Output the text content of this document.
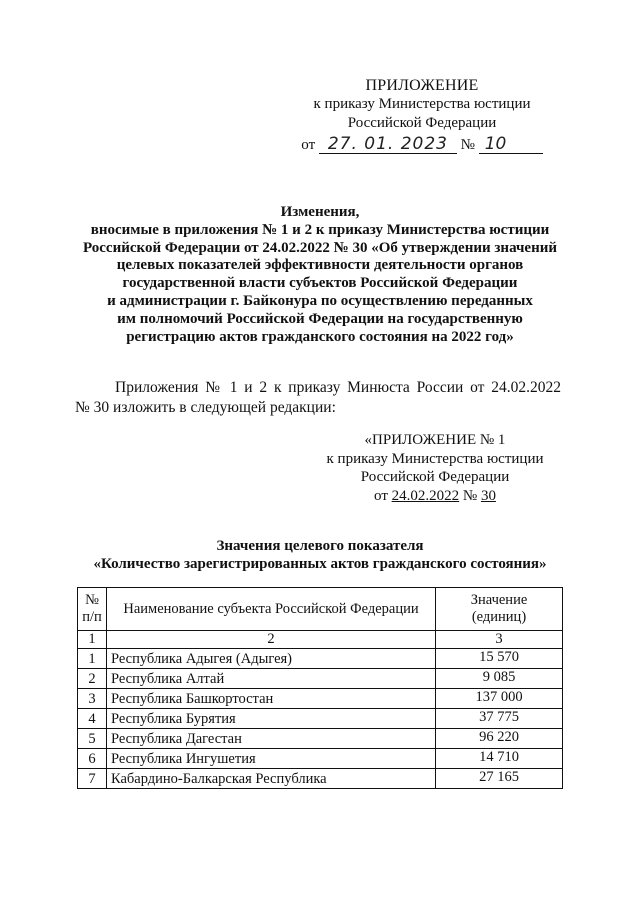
ПРИЛОЖЕНИЕ
к приказу Министерства юстиции
Российской Федерации
от 27. 01. 2023 № 10
Изменения,
вносимые в приложения № 1 и 2 к приказу Министерства юстиции
Российской Федерации от 24.02.2022 № 30 «Об утверждении значений
целевых показателей эффективности деятельности органов
государственной власти субъектов Российской Федерации
и администрации г. Байконура по осуществлению переданных
им полномочий Российской Федерации на государственную
регистрацию актов гражданского состояния на 2022 год»
Приложения № 1 и 2 к приказу Минюста России от 24.02.2022
№ 30 изложить в следующей редакции:
«ПРИЛОЖЕНИЕ № 1
к приказу Министерства юстиции
Российской Федерации
от 24.02.2022 № 30
Значения целевого показателя
«Количество зарегистрированных актов гражданского состояния»
№
п/п	Наименование субъекта Российской Федерации	Значение
(единиц)
1	2	3
1	Республика Адыгея (Адыгея)	15 570
2	Республика Алтай	9 085
3	Республика Башкортостан	137 000
4	Республика Бурятия	37 775
5	Республика Дагестан	96 220
6	Республика Ингушетия	14 710
7	Кабардино-Балкарская Республика	27 165
